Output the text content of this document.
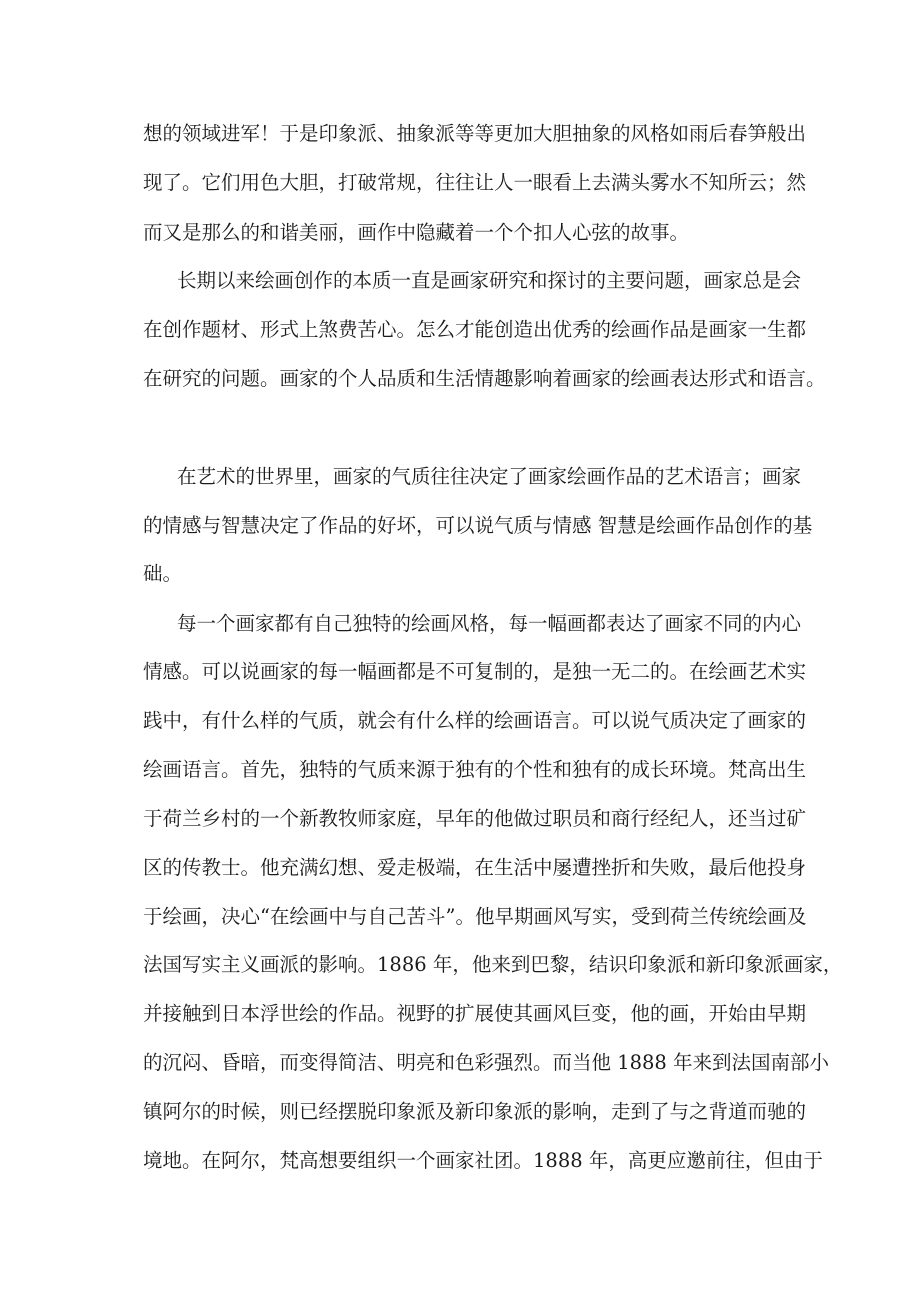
想的领域进军！于是印象派、抽象派等等更加大胆抽象的风格如雨后春笋般出
现了。它们用色大胆，打破常规，往往让人一眼看上去满头雾水不知所云；然
而又是那么的和谐美丽，画作中隐藏着一个个扣人心弦的故事。
长期以来绘画创作的本质一直是画家研究和探讨的主要问题，画家总是会
在创作题材、形式上煞费苦心。怎么才能创造出优秀的绘画作品是画家一生都
在研究的问题。画家的个人品质和生活情趣影响着画家的绘画表达形式和语言。
在艺术的世界里，画家的气质往往决定了画家绘画作品的艺术语言；画家
的情感与智慧决定了作品的好坏，可以说气质与情感 智慧是绘画作品创作的基
础。
每一个画家都有自己独特的绘画风格，每一幅画都表达了画家不同的内心
情感。可以说画家的每一幅画都是不可复制的，是独一无二的。在绘画艺术实
践中，有什么样的气质，就会有什么样的绘画语言。可以说气质决定了画家的
绘画语言。首先，独特的气质来源于独有的个性和独有的成长环境。梵高出生
于荷兰乡村的一个新教牧师家庭，早年的他做过职员和商行经纪人，还当过矿
区的传教士。他充满幻想、爱走极端，在生活中屡遭挫折和失败，最后他投身
于绘画，决心“在绘画中与自己苦斗”。他早期画风写实，受到荷兰传统绘画及
法国写实主义画派的影响。1886 年，他来到巴黎，结识印象派和新印象派画家，
并接触到日本浮世绘的作品。视野的扩展使其画风巨变，他的画，开始由早期
的沉闷、昏暗，而变得简洁、明亮和色彩强烈。而当他 1888 年来到法国南部小
镇阿尔的时候，则已经摆脱印象派及新印象派的影响，走到了与之背道而驰的
境地。在阿尔，梵高想要组织一个画家社团。1888 年，高更应邀前往，但由于
